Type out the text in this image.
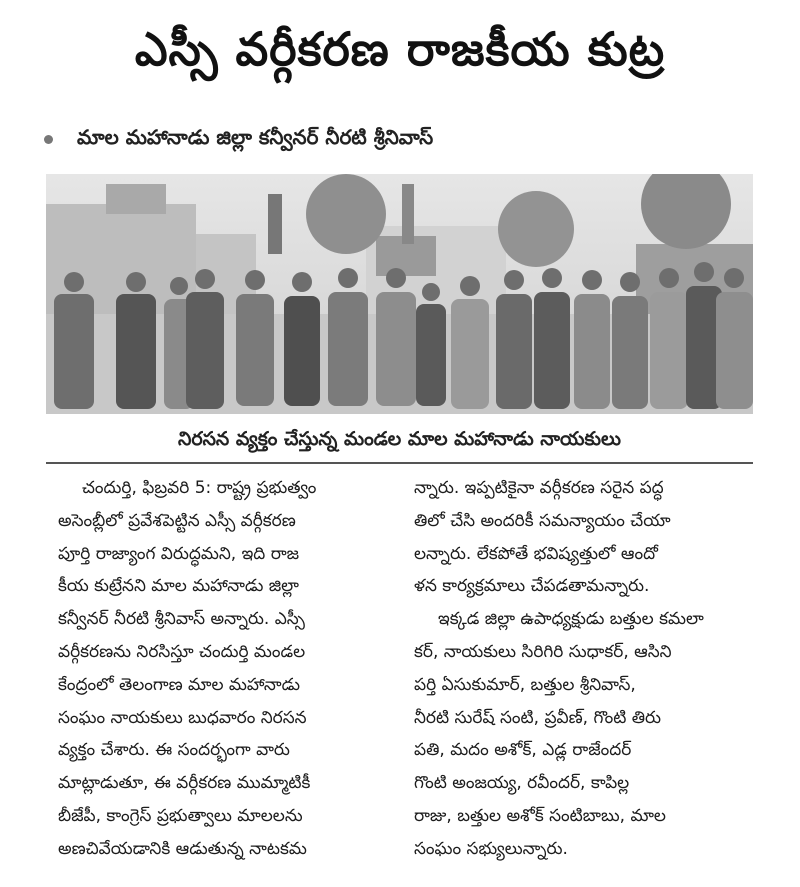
ఎస్సీ వర్గీకరణ రాజకీయ కుట్ర
మాల మహానాడు జిల్లా కన్వీనర్ నీరటి శ్రీనివాస్
నిరసన వ్యక్తం చేస్తున్న మండల మాల మహానాడు నాయకులు
చందుర్తి, ఫిబ్రవరి 5: రాష్ట్ర ప్రభుత్వం
అసెంబ్లీలో ప్రవేశపెట్టిన ఎస్సీ వర్గీకరణ
పూర్తి రాజ్యాంగ విరుద్ధమని, ఇది రాజ
కీయ కుట్రేనని మాల మహానాడు జిల్లా
కన్వీనర్ నీరటి శ్రీనివాస్ అన్నారు. ఎస్సీ
వర్గీకరణను నిరసిస్తూ చందుర్తి మండల
కేంద్రంలో తెలంగాణ మాల మహానాడు
సంఘం నాయకులు బుధవారం నిరసన
వ్యక్తం చేశారు. ఈ సందర్భంగా వారు
మాట్లాడుతూ, ఈ వర్గీకరణ ముమ్మాటికీ
బీజేపీ, కాంగ్రెస్ ప్రభుత్వాలు మాలలను
అణచివేయడానికి ఆడుతున్న నాటకమ
న్నారు. ఇప్పటికైనా వర్గీకరణ సరైన పద్ధ
తిలో చేసి అందరికీ సమన్యాయం చేయా
లన్నారు. లేకపోతే భవిష్యత్తులో ఆందో
ళన కార్యక్రమాలు చేపడతామన్నారు.
ఇక్కడ జిల్లా ఉపాధ్యక్షుడు బత్తుల కమలా
కర్, నాయకులు సిరిగిరి సుధాకర్, ఆసిని
పర్తి ఏసుకుమార్, బత్తుల శ్రీనివాస్,
నీరటి సురేష్ సంటి, ప్రవీణ్, గొంటి తిరు
పతి, మదం అశోక్, ఎడ్ల రాజేందర్
గొంటి అంజయ్య, రవీందర్, కాపిల్ల
రాజు, బత్తుల అశోక్ సంటిబాబు, మాల
సంఘం సభ్యులున్నారు.
